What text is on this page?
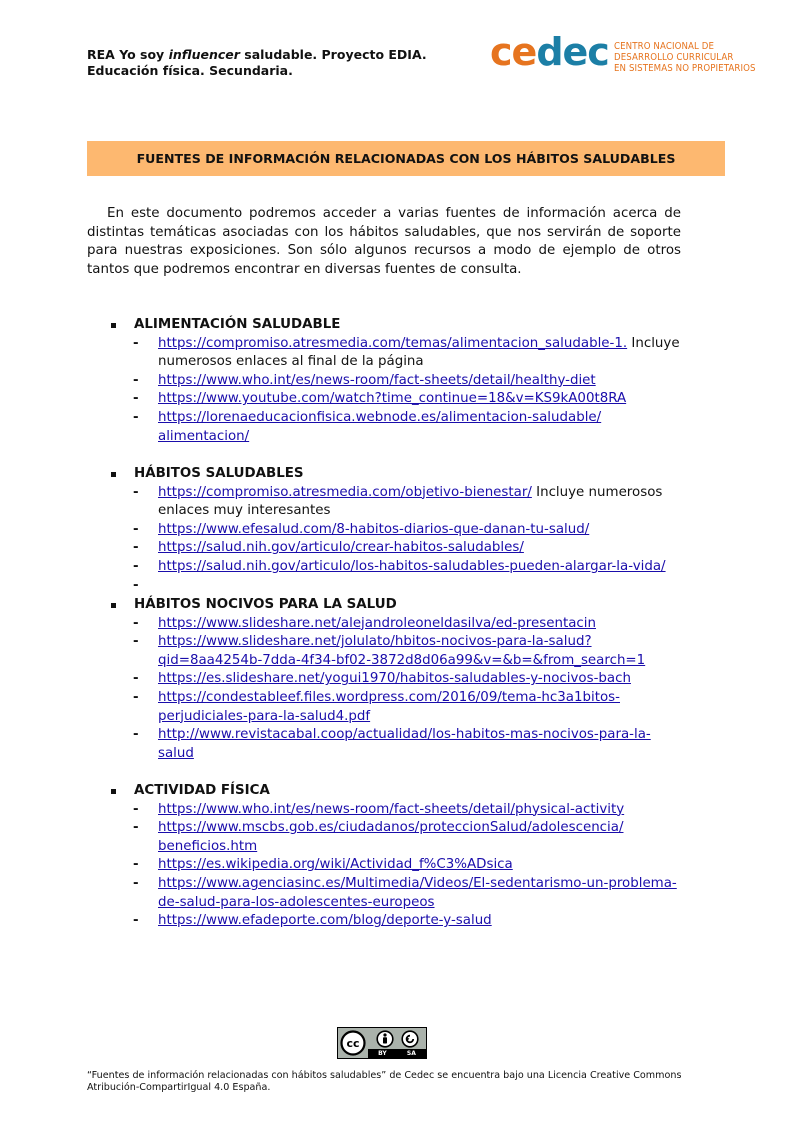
REA Yo soy influencer saludable. Proyecto EDIA.
Educación física. Secundaria.	cedec CENTRO NACIONAL DE
DESARROLLO CURRICULAR
EN SISTEMAS NO PROPIETARIOS
FUENTES DE INFORMACIÓN RELACIONADAS CON LOS HÁBITOS SALUDABLES
En este documento podremos acceder a varias fuentes de información acerca de distintas temáticas asociadas con los hábitos saludables, que nos servirán de soporte para nuestras exposiciones. Son sólo algunos recursos a modo de ejemplo de otros tantos que podremos encontrar en diversas fuentes de consulta.
ALIMENTACIÓN SALUDABLE
- https://compromiso.atresmedia.com/temas/alimentacion_saludable-1. Incluye
numerosos enlaces al final de la página
- https://www.who.int/es/news-room/fact-sheets/detail/healthy-diet
- https://www.youtube.com/watch?time_continue=18&v=KS9kA00t8RA
- https://lorenaeducacionfisica.webnode.es/alimentacion-saludable/
alimentacion/
HÁBITOS SALUDABLES
- https://compromiso.atresmedia.com/objetivo-bienestar/ Incluye numerosos
enlaces muy interesantes
- https://www.efesalud.com/8-habitos-diarios-que-danan-tu-salud/
- https://salud.nih.gov/articulo/crear-habitos-saludables/
- https://salud.nih.gov/articulo/los-habitos-saludables-pueden-alargar-la-vida/
-

HÁBITOS NOCIVOS PARA LA SALUD
- https://www.slideshare.net/alejandroleoneldasilva/ed-presentacin
- https://www.slideshare.net/jolulato/hbitos-nocivos-para-la-salud?
qid=8aa4254b-7dda-4f34-bf02-3872d8d06a99&v=&b=&from_search=1
- https://es.slideshare.net/yogui1970/habitos-saludables-y-nocivos-bach
- https://condestableef.files.wordpress.com/2016/09/tema-hc3a1bitos-
perjudiciales-para-la-salud4.pdf
- http://www.revistacabal.coop/actualidad/los-habitos-mas-nocivos-para-la-
salud
ACTIVIDAD FÍSICA
- https://www.who.int/es/news-room/fact-sheets/detail/physical-activity
- https://www.mscbs.gob.es/ciudadanos/proteccionSalud/adolescencia/
beneficios.htm
- https://es.wikipedia.org/wiki/Actividad_f%C3%ADsica
- https://www.agenciasinc.es/Multimedia/Videos/El-sedentarismo-un-problema-
de-salud-para-los-adolescentes-europeos
- https://www.efadeporte.com/blog/deporte-y-salud
cc
BY	SA
“Fuentes de información relacionadas con hábitos saludables” de Cedec se encuentra bajo una Licencia Creative Commons
Atribución-CompartirIgual 4.0 España.
